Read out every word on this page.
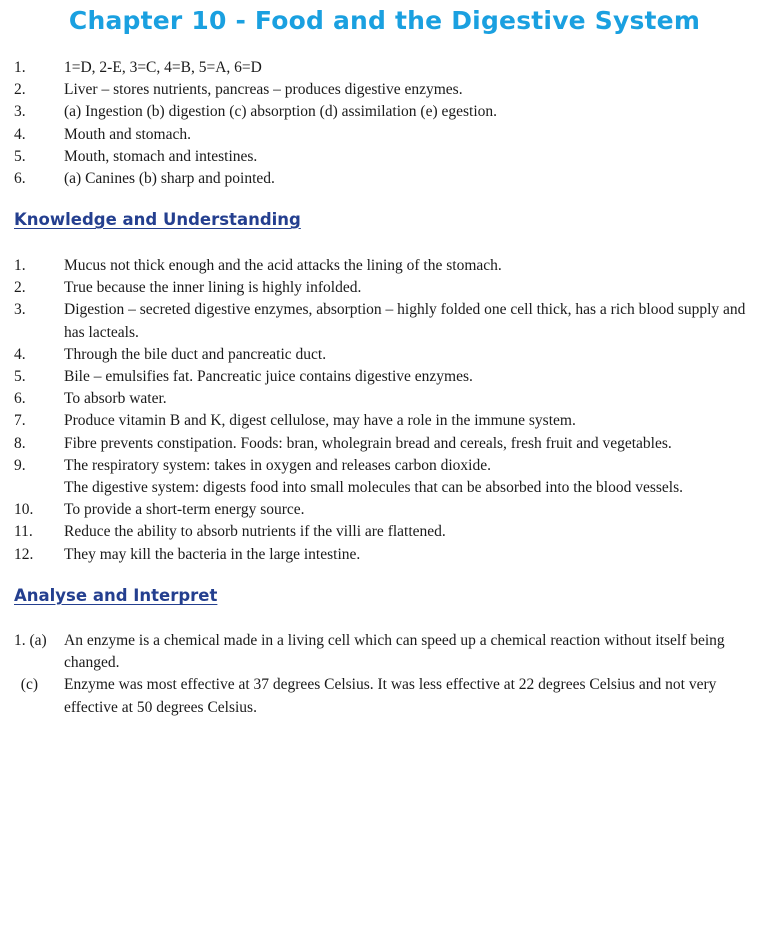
Chapter 10 - Food and the Digestive System
1.	1=D, 2-E, 3=C, 4=B, 5=A, 6=D
2.	Liver – stores nutrients, pancreas – produces digestive enzymes.
3.	(a) Ingestion (b) digestion (c) absorption (d) assimilation (e) egestion.
4.	Mouth and stomach.
5.	Mouth, stomach and intestines.
6.	(a) Canines (b) sharp and pointed.
Knowledge and Understanding
1.	Mucus not thick enough and the acid attacks the lining of the stomach.
2.	True because the inner lining is highly infolded.
3.	Digestion – secreted digestive enzymes, absorption – highly folded one cell thick, has a rich blood supply and has lacteals.
4.	Through the bile duct and pancreatic duct.
5.	Bile – emulsifies fat. Pancreatic juice contains digestive enzymes.
6.	To absorb water.
7.	Produce vitamin B and K, digest cellulose, may have a role in the immune system.
8.	Fibre prevents constipation. Foods: bran, wholegrain bread and cereals, fresh fruit and vegetables.
9.	The respiratory system: takes in oxygen and releases carbon dioxide.
The digestive system: digests food into small molecules that can be absorbed into the blood vessels.
10.	To provide a short-term energy source.
11.	Reduce the ability to absorb nutrients if the villi are flattened.
12.	They may kill the bacteria in the large intestine.
Analyse and Interpret
1. (a)	An enzyme is a chemical made in a living cell which can speed up a chemical reaction without itself being changed.
(c)	Enzyme was most effective at 37 degrees Celsius. It was less effective at 22 degrees Celsius and not very effective at 50 degrees Celsius.
